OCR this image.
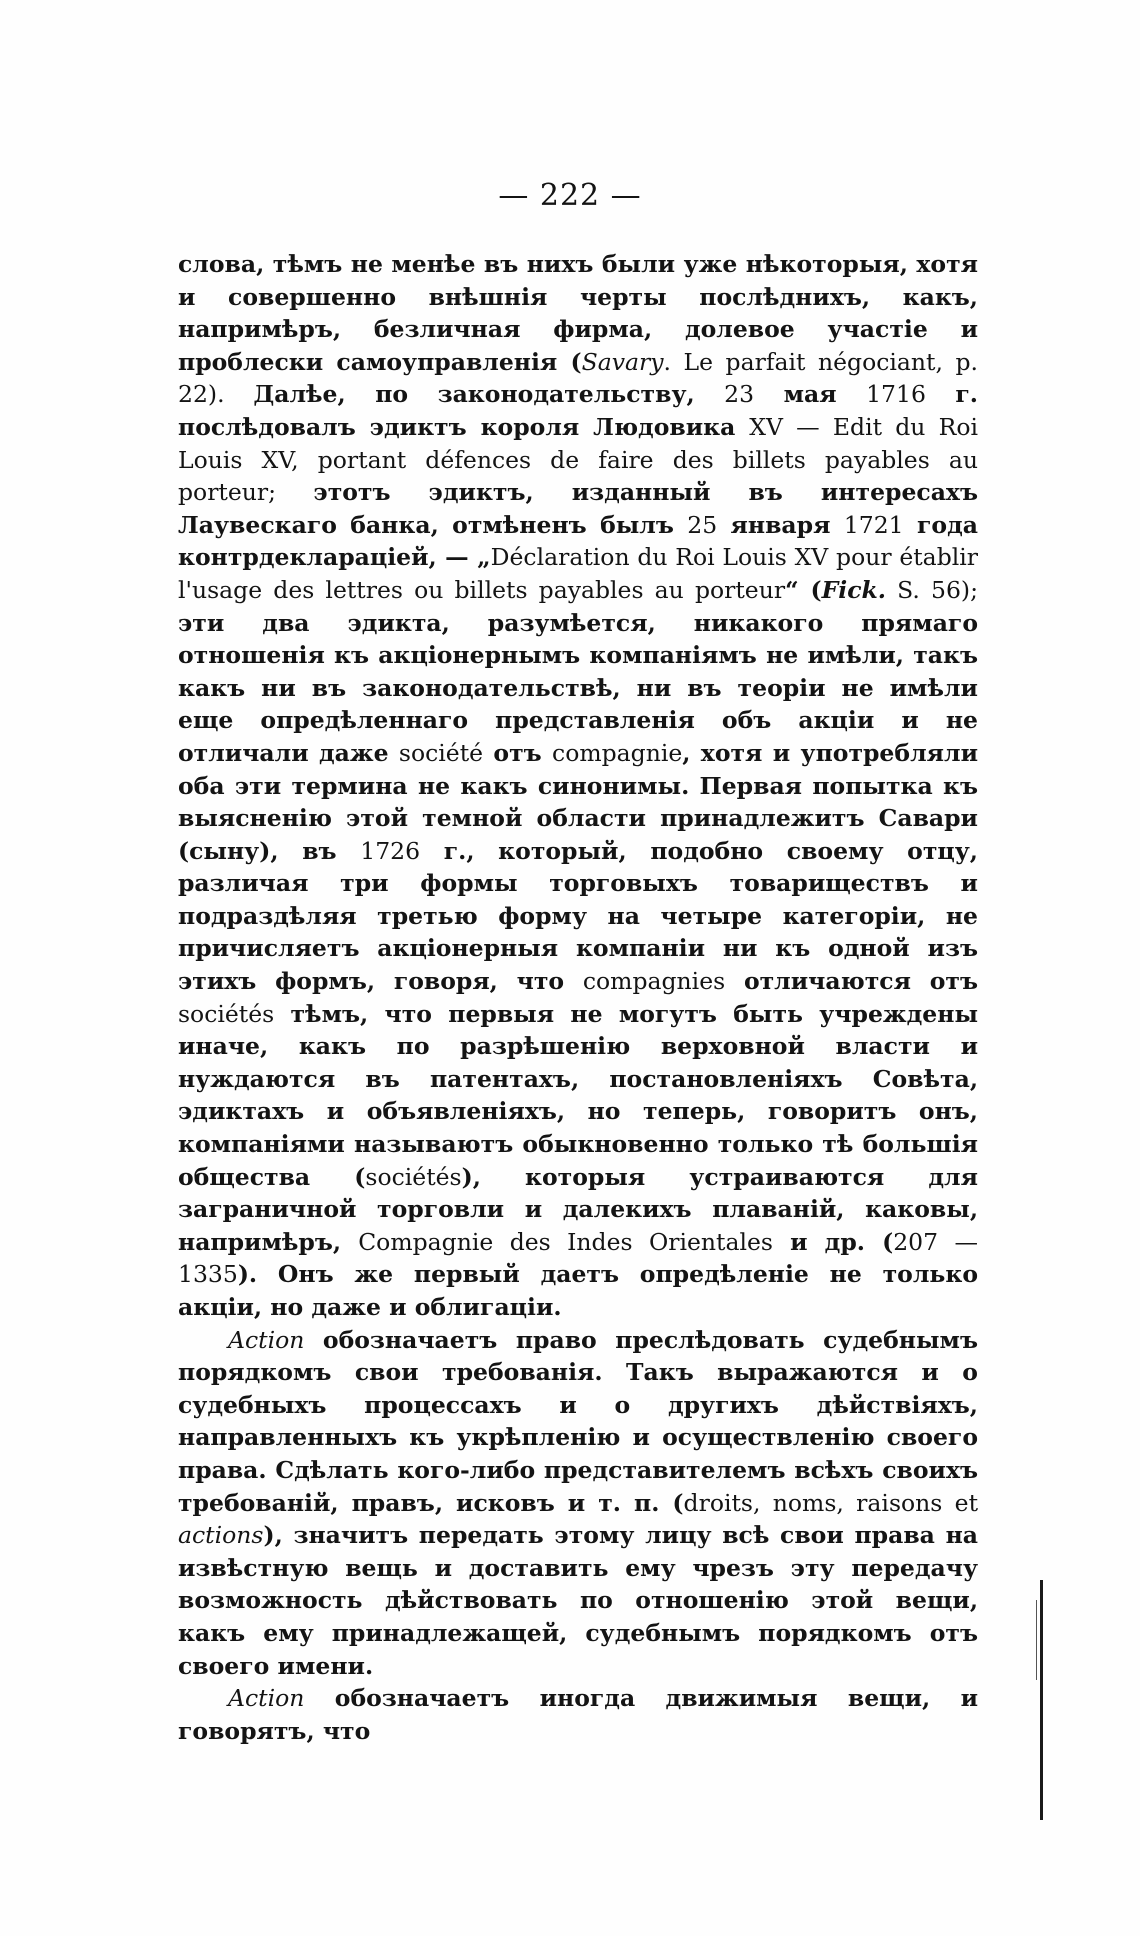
— 222 —

слова, тѣмъ не менѣе въ нихъ были уже нѣкоторыя, хотя и совершенно внѣшнія черты послѣднихъ, какъ, напримѣръ, безличная фирма, долевое участіе и проблески самоуправленія (Savary. Le parfait négociant, p. 22). Далѣе, по законодательству, 23 мая 1716 г. послѣдовалъ эдиктъ короля Людовика XV — Edit du Roi Louis XV, portant défences de faire des billets payables au porteur; этотъ эдиктъ, изданный въ интересахъ Лаувескаго банка, отмѣненъ былъ 25 января 1721 года контрдекларацiей, — „Déclaration du Roi Louis XV pour établir l'usage des lettres ou billets payables au porteur“ (Fick. S. 56); эти два эдикта, разумѣется, никакого прямаго отношенія къ акціонернымъ компаніямъ не имѣли, такъ какъ ни въ законодательствѣ, ни въ теоріи не имѣли еще опредѣленнаго представленія объ акціи и не отличали даже société отъ compagnie, хотя и употребляли оба эти термина не какъ синонимы. Первая попытка къ выясненію этой темной области принадлежитъ Савари (сыну), въ 1726 г., который, подобно своему отцу, различая три формы торговыхъ товариществъ и подраздѣляя третью форму на четыре категоріи, не причисляетъ акціонерныя компаніи ни къ одной изъ этихъ формъ, говоря, что compagnies отличаются отъ sociétés тѣмъ, что первыя не могутъ быть учреждены иначе, какъ по разрѣшенію верховной власти и нуждаются въ патентахъ, постановленіяхъ Совѣта, эдиктахъ и объявленіяхъ, но теперь, говоритъ онъ, компаніями называютъ обыкновенно только тѣ большія общества (sociétés), которыя устраиваются для заграничной торговли и далекихъ плаваній, каковы, напримѣръ, Compagnie des Indes Orientales и др. (207 — 1335). Онъ же первый даетъ опредѣленіе не только акціи, но даже и облигаціи.

Action обозначаетъ право преслѣдовать судебнымъ порядкомъ свои требованія. Такъ выражаются и о судебныхъ процессахъ и о другихъ дѣйствіяхъ, направленныхъ къ укрѣпленію и осуществленію своего права. Сдѣлать кого-либо представителемъ всѣхъ своихъ требованій, правъ, исковъ и т. п. (droits, noms, raisons et actions), значитъ передать этому лицу всѣ свои права на извѣстную вещь и доставить ему чрезъ эту передачу возможность дѣйствовать по отношенію этой вещи, какъ ему принадлежащей, судебнымъ порядкомъ отъ своего имени.

Action обозначаетъ иногда движимыя вещи, и говорятъ, что
